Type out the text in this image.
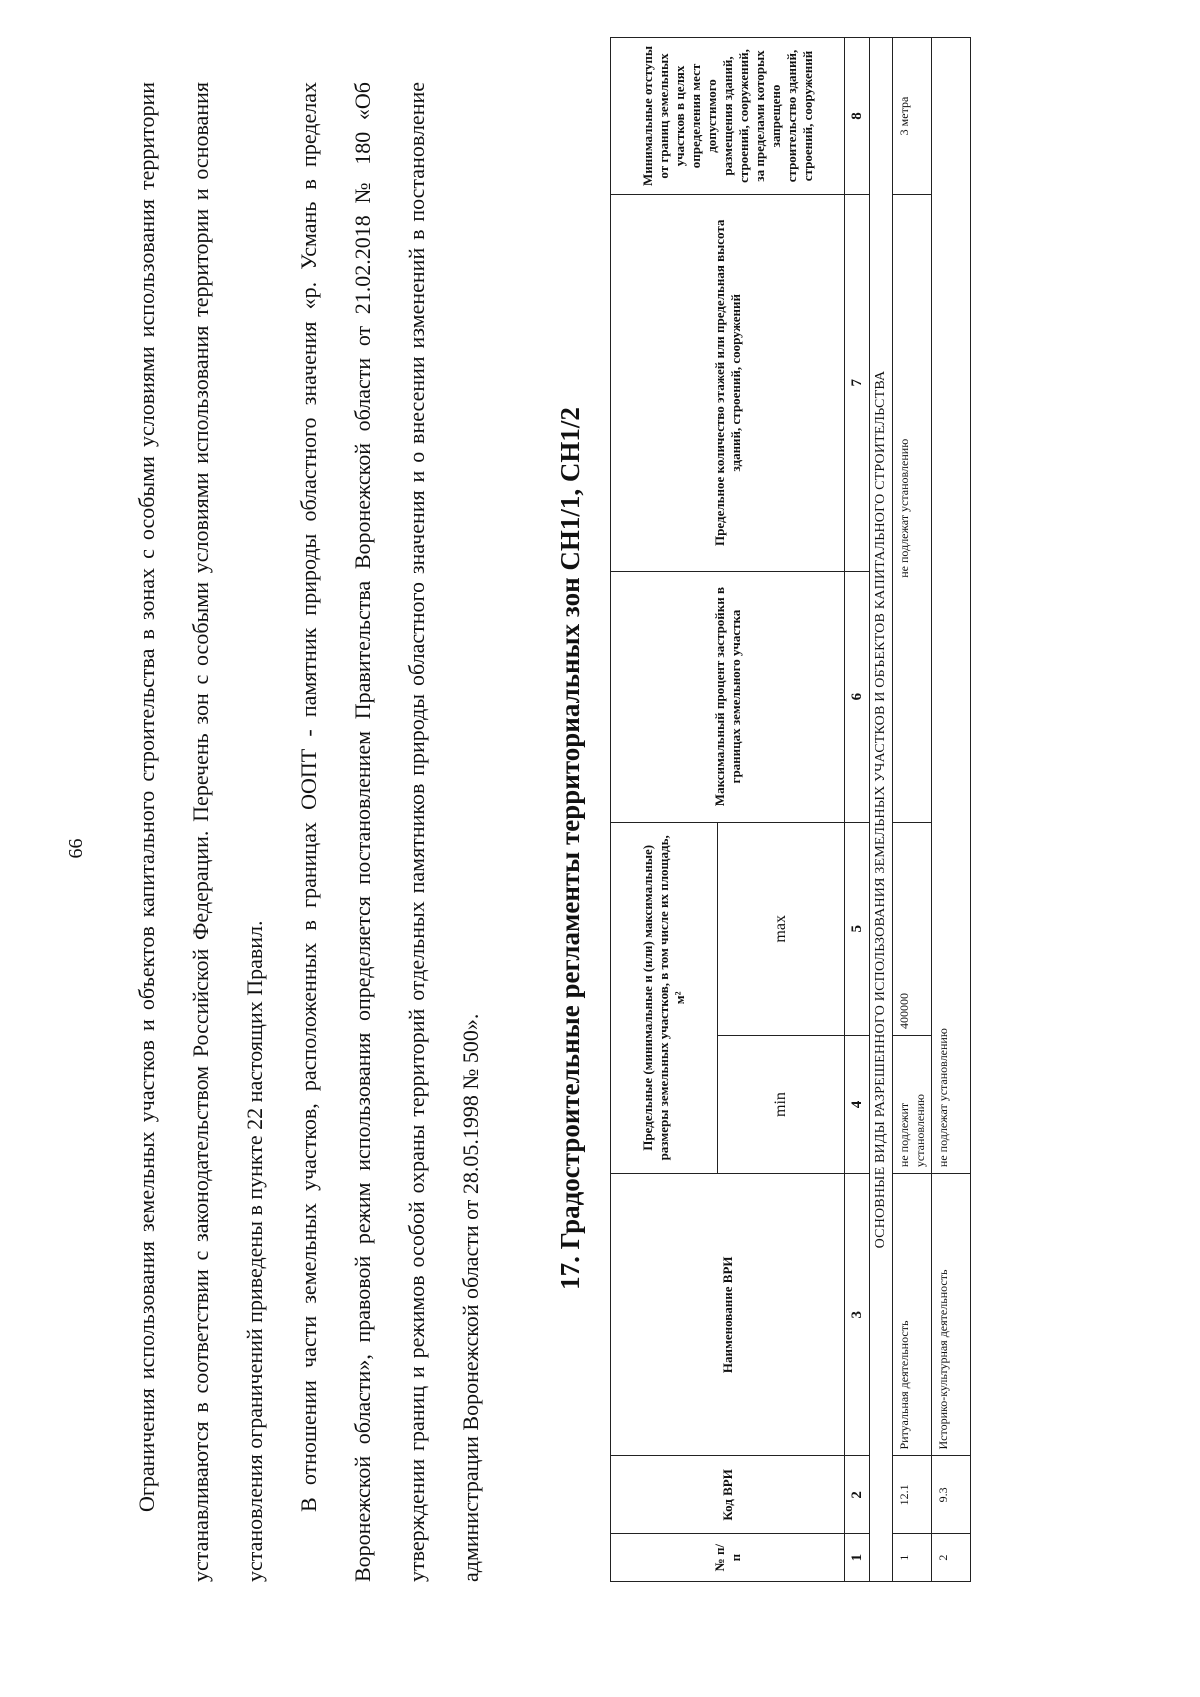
66	Ограничения использования земельных участков и объектов капитального строительства в зонах с особыми условиями использования территории устанавливаются в соответствии с законодательством Российской Федерации. Перечень зон с особыми условиями использования территории и основания установления ограничений приведены в пункте 22 настоящих Правил.	В отношении части земельных участков, расположенных в границах ООПТ - памятник природы областного значения «р. Усмань в пределах Воронежской области», правовой режим использования определяется постановлением Правительства Воронежской области от 21.02.2018 № 180 «Об утверждении границ и режимов особой охраны территорий отдельных памятников природы областного значения и о внесении изменений в постановление администрации Воронежской области от 28.05.1998 № 500».

17. Градостроительные регламенты территориальных зон СН1/1, СН1/2
№ п/п	Код ВРИ	Наименование ВРИ	Предельные (минимальные и (или) максимальные) размеры земельных участков, в том числе их площадь, м²		Максимальный процент застройки в границах земельного участка	Предельное количество этажей или предельная высота зданий, строений, сооружений	Минимальные отступы от границ земельных участков в целях определения мест допустимого размещения зданий, строений, сооружений, за пределами которых запрещено строительство зданий, строений, сооружений
			min	max			
1	2	3	4	5	6	7	8
ОСНОВНЫЕ ВИДЫ РАЗРЕШЕННОГО ИСПОЛЬЗОВАНИЯ ЗЕМЕЛЬНЫХ УЧАСТКОВ И ОБЪЕКТОВ КАПИТАЛЬНОГО СТРОИТЕЛЬСТВА							
1	12.1	Ритуальная деятельность	не подлежит установлению	400000	не подлежат установлению		3 метра
2	9.3	Историко-культурная деятельность	не подлежат установлению				
